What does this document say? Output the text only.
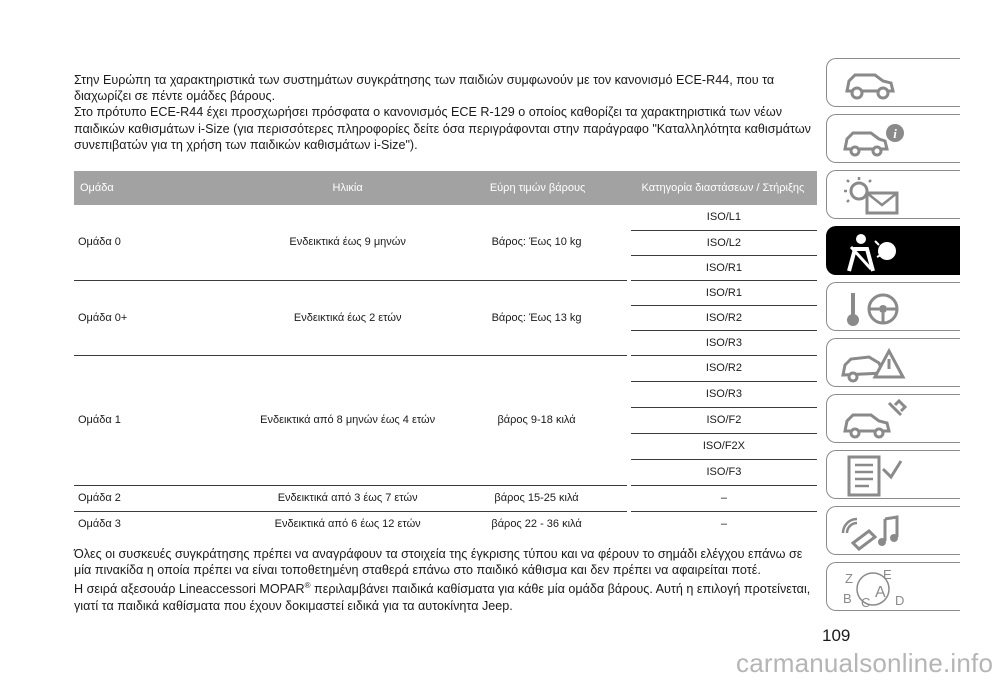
Στην Ευρώπη τα χαρακτηριστικά των συστημάτων συγκράτησης των παιδιών συμφωνούν με τον κανονισμό ECE-R44, που τα διαχωρίζει σε πέντε ομάδες βάρους.

Στο πρότυπο ECE-R44 έχει προσχωρήσει πρόσφατα ο κανονισμός ECE R-129 ο οποίος καθορίζει τα χαρακτηριστικά των νέων παιδικών καθισμάτων i-Size (για περισσότερες πληροφορίες δείτε όσα περιγράφονται στην παράγραφο "Καταλληλότητα καθισμάτων συνεπιβατών για τη χρήση των παιδικών καθισμάτων i-Size").

Ομάδα	Ηλικία	Εύρη τιμών βάρους	Κατηγορία διαστάσεων / Στήριξης
Ομάδα 0	Ενδεικτικά έως 9 μηνών	Βάρος: Έως 10 kg	ISO/L1
			ISO/L2
			ISO/R1
Ομάδα 0+	Ενδεικτικά έως 2 ετών	Βάρος: Έως 13 kg	ISO/R1
			ISO/R2
			ISO/R3
Ομάδα 1	Ενδεικτικά από 8 μηνών έως 4 ετών	βάρος 9-18 κιλά	ISO/R2
			ISO/R3
			ISO/F2
			ISO/F2X
			ISO/F3
Ομάδα 2	Ενδεικτικά από 3 έως 7 ετών	βάρος 15-25 κιλά	–
Ομάδα 3	Ενδεικτικά από 6 έως 12 ετών	βάρος 22 - 36 κιλά	–

Όλες οι συσκευές συγκράτησης πρέπει να αναγράφουν τα στοιχεία της έγκρισης τύπου και να φέρουν το σημάδι ελέγχου επάνω σε μία πινακίδα η οποία πρέπει να είναι τοποθετημένη σταθερά επάνω στο παιδικό κάθισμα και δεν πρέπει να αφαιρείται ποτέ.

Η σειρά αξεσουάρ Lineaccessori MOPAR® περιλαμβάνει παιδικά καθίσματα για κάθε μία ομάδα βάρους. Αυτή η επιλογή προτείνεται, γιατί τα παιδικά καθίσματα που έχουν δοκιμαστεί ειδικά για τα αυτοκίνητα Jeep.

109
carmanualsonline.info
i
Z E
B A
C D
